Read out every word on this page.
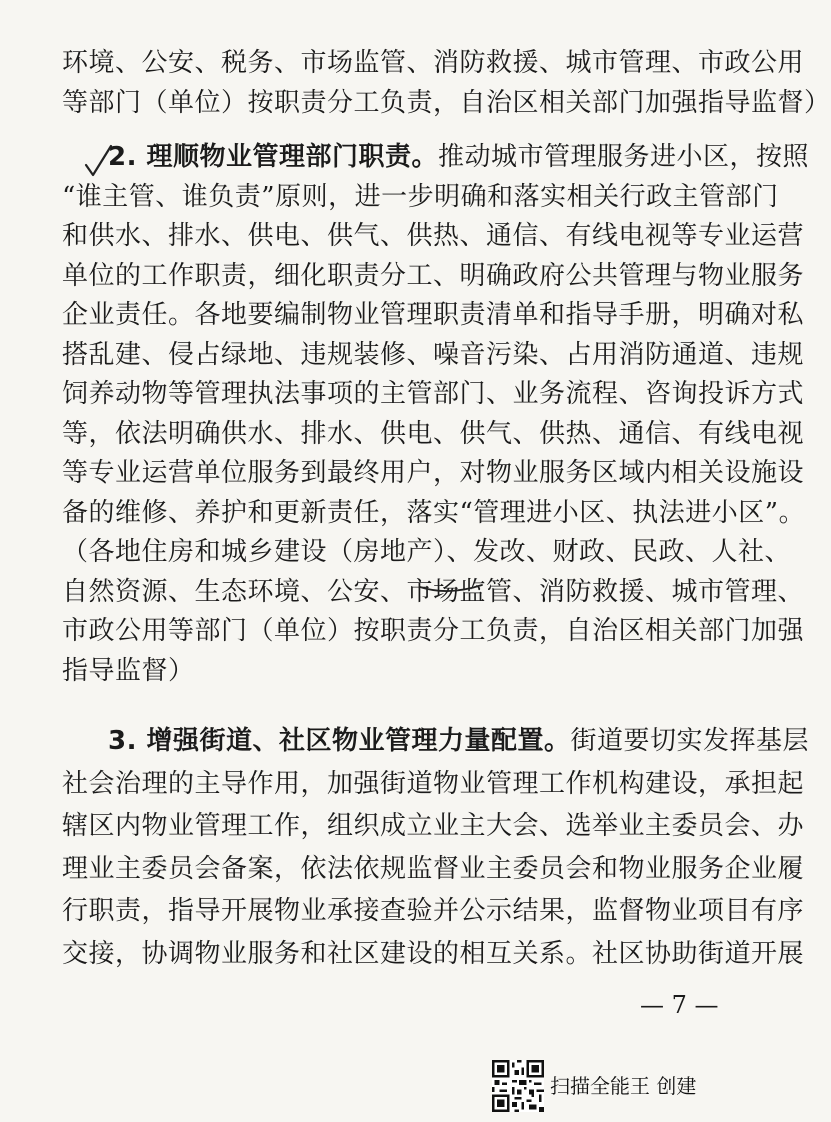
环境、公安、税务、市场监管、消防救援、城市管理、市政公用
等部门（单位）按职责分工负责，自治区相关部门加强指导监督）
2. 理顺物业管理部门职责。推动城市管理服务进小区，按照
“谁主管、谁负责”原则，进一步明确和落实相关行政主管部门
和供水、排水、供电、供气、供热、通信、有线电视等专业运营
单位的工作职责，细化职责分工、明确政府公共管理与物业服务
企业责任。各地要编制物业管理职责清单和指导手册，明确对私
搭乱建、侵占绿地、违规装修、噪音污染、占用消防通道、违规
饲养动物等管理执法事项的主管部门、业务流程、咨询投诉方式
等，依法明确供水、排水、供电、供气、供热、通信、有线电视
等专业运营单位服务到最终用户，对物业服务区域内相关设施设
备的维修、养护和更新责任，落实“管理进小区、执法进小区”。
（各地住房和城乡建设（房地产）、发改、财政、民政、人社、
自然资源、生态环境、公安、市场监管、消防救援、城市管理、
市政公用等部门（单位）按职责分工负责，自治区相关部门加强
指导监督）
3. 增强街道、社区物业管理力量配置。街道要切实发挥基层
社会治理的主导作用，加强街道物业管理工作机构建设，承担起
辖区内物业管理工作，组织成立业主大会、选举业主委员会、办
理业主委员会备案，依法依规监督业主委员会和物业服务企业履
行职责，指导开展物业承接查验并公示结果，监督物业项目有序
交接，协调物业服务和社区建设的相互关系。社区协助街道开展
— 7 —
扫描全能王 创建
